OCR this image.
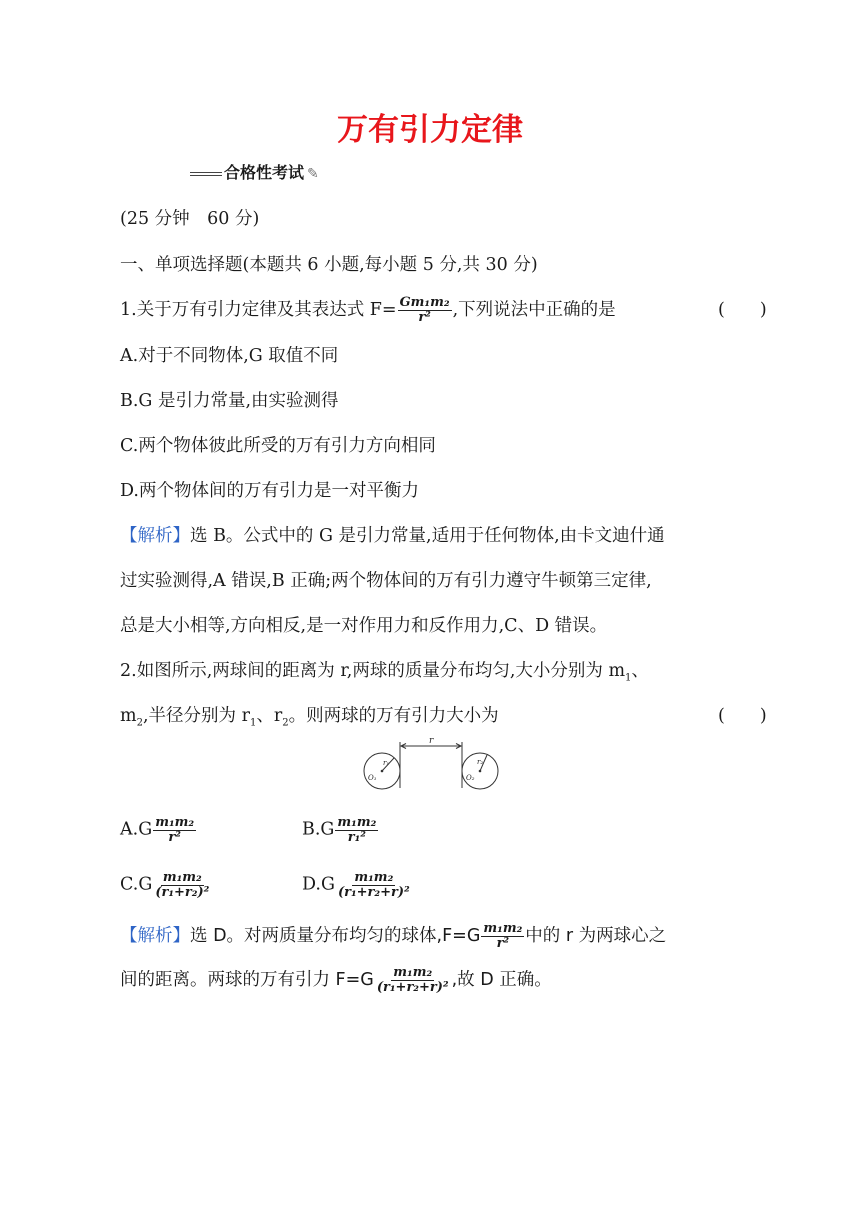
万有引力定律
合格性考试 ✎
(25 分钟　60 分)
一、单项选择题(本题共 6 小题,每小题 5 分,共 30 分)
1.关于万有引力定律及其表达式 $F= \frac{\text{Gm₁m₂}}{\text{r²}}$ ,下列说法中正确的是	(　　)
A.对于不同物体,G 取值不同
B.G 是引力常量,由实验测得
C.两个物体彼此所受的万有引力方向相同
D.两个物体间的万有引力是一对平衡力
【解析】选 B。公式中的 G 是引力常量,适用于任何物体,由卡文迪什通
过实验测得,A 错误,B 正确;两个物体间的万有引力遵守牛顿第三定律,
总是大小相等,方向相反,是一对作用力和反作用力,C、D 错误。
2.如图所示,两球间的距离为 r,两球的质量分布均匀,大小分别为 $m_1$、
$m_2$,半径分别为 $r_1$、$r_2$。则两球的万有引力大小为	(　　)
r
r₁
O₁
r₂
O₂
$A.G \frac{\text{m₁m₂}}{\text{r²}}$	$B.G \frac{\text{m₁m₂}}{\text{r₁²}}$
$C.G \frac{\text{m₁m₂}}{\text{(r₁+r₂)²}}$	$D.G \frac{\text{m₁m₂}}{\text{(r₁+r₂+r)²}}$
【解析】选 D。对两质量分布均匀的球体$,F=G \frac{\text{m₁m₂}}{\text{r²}}$ 中的 r 为两球心之
间的距离。两球的万有引力 $F=G \frac{\text{m₁m₂}}{\text{(r₁+r₂+r)²}}$ ,故 D 正确。
